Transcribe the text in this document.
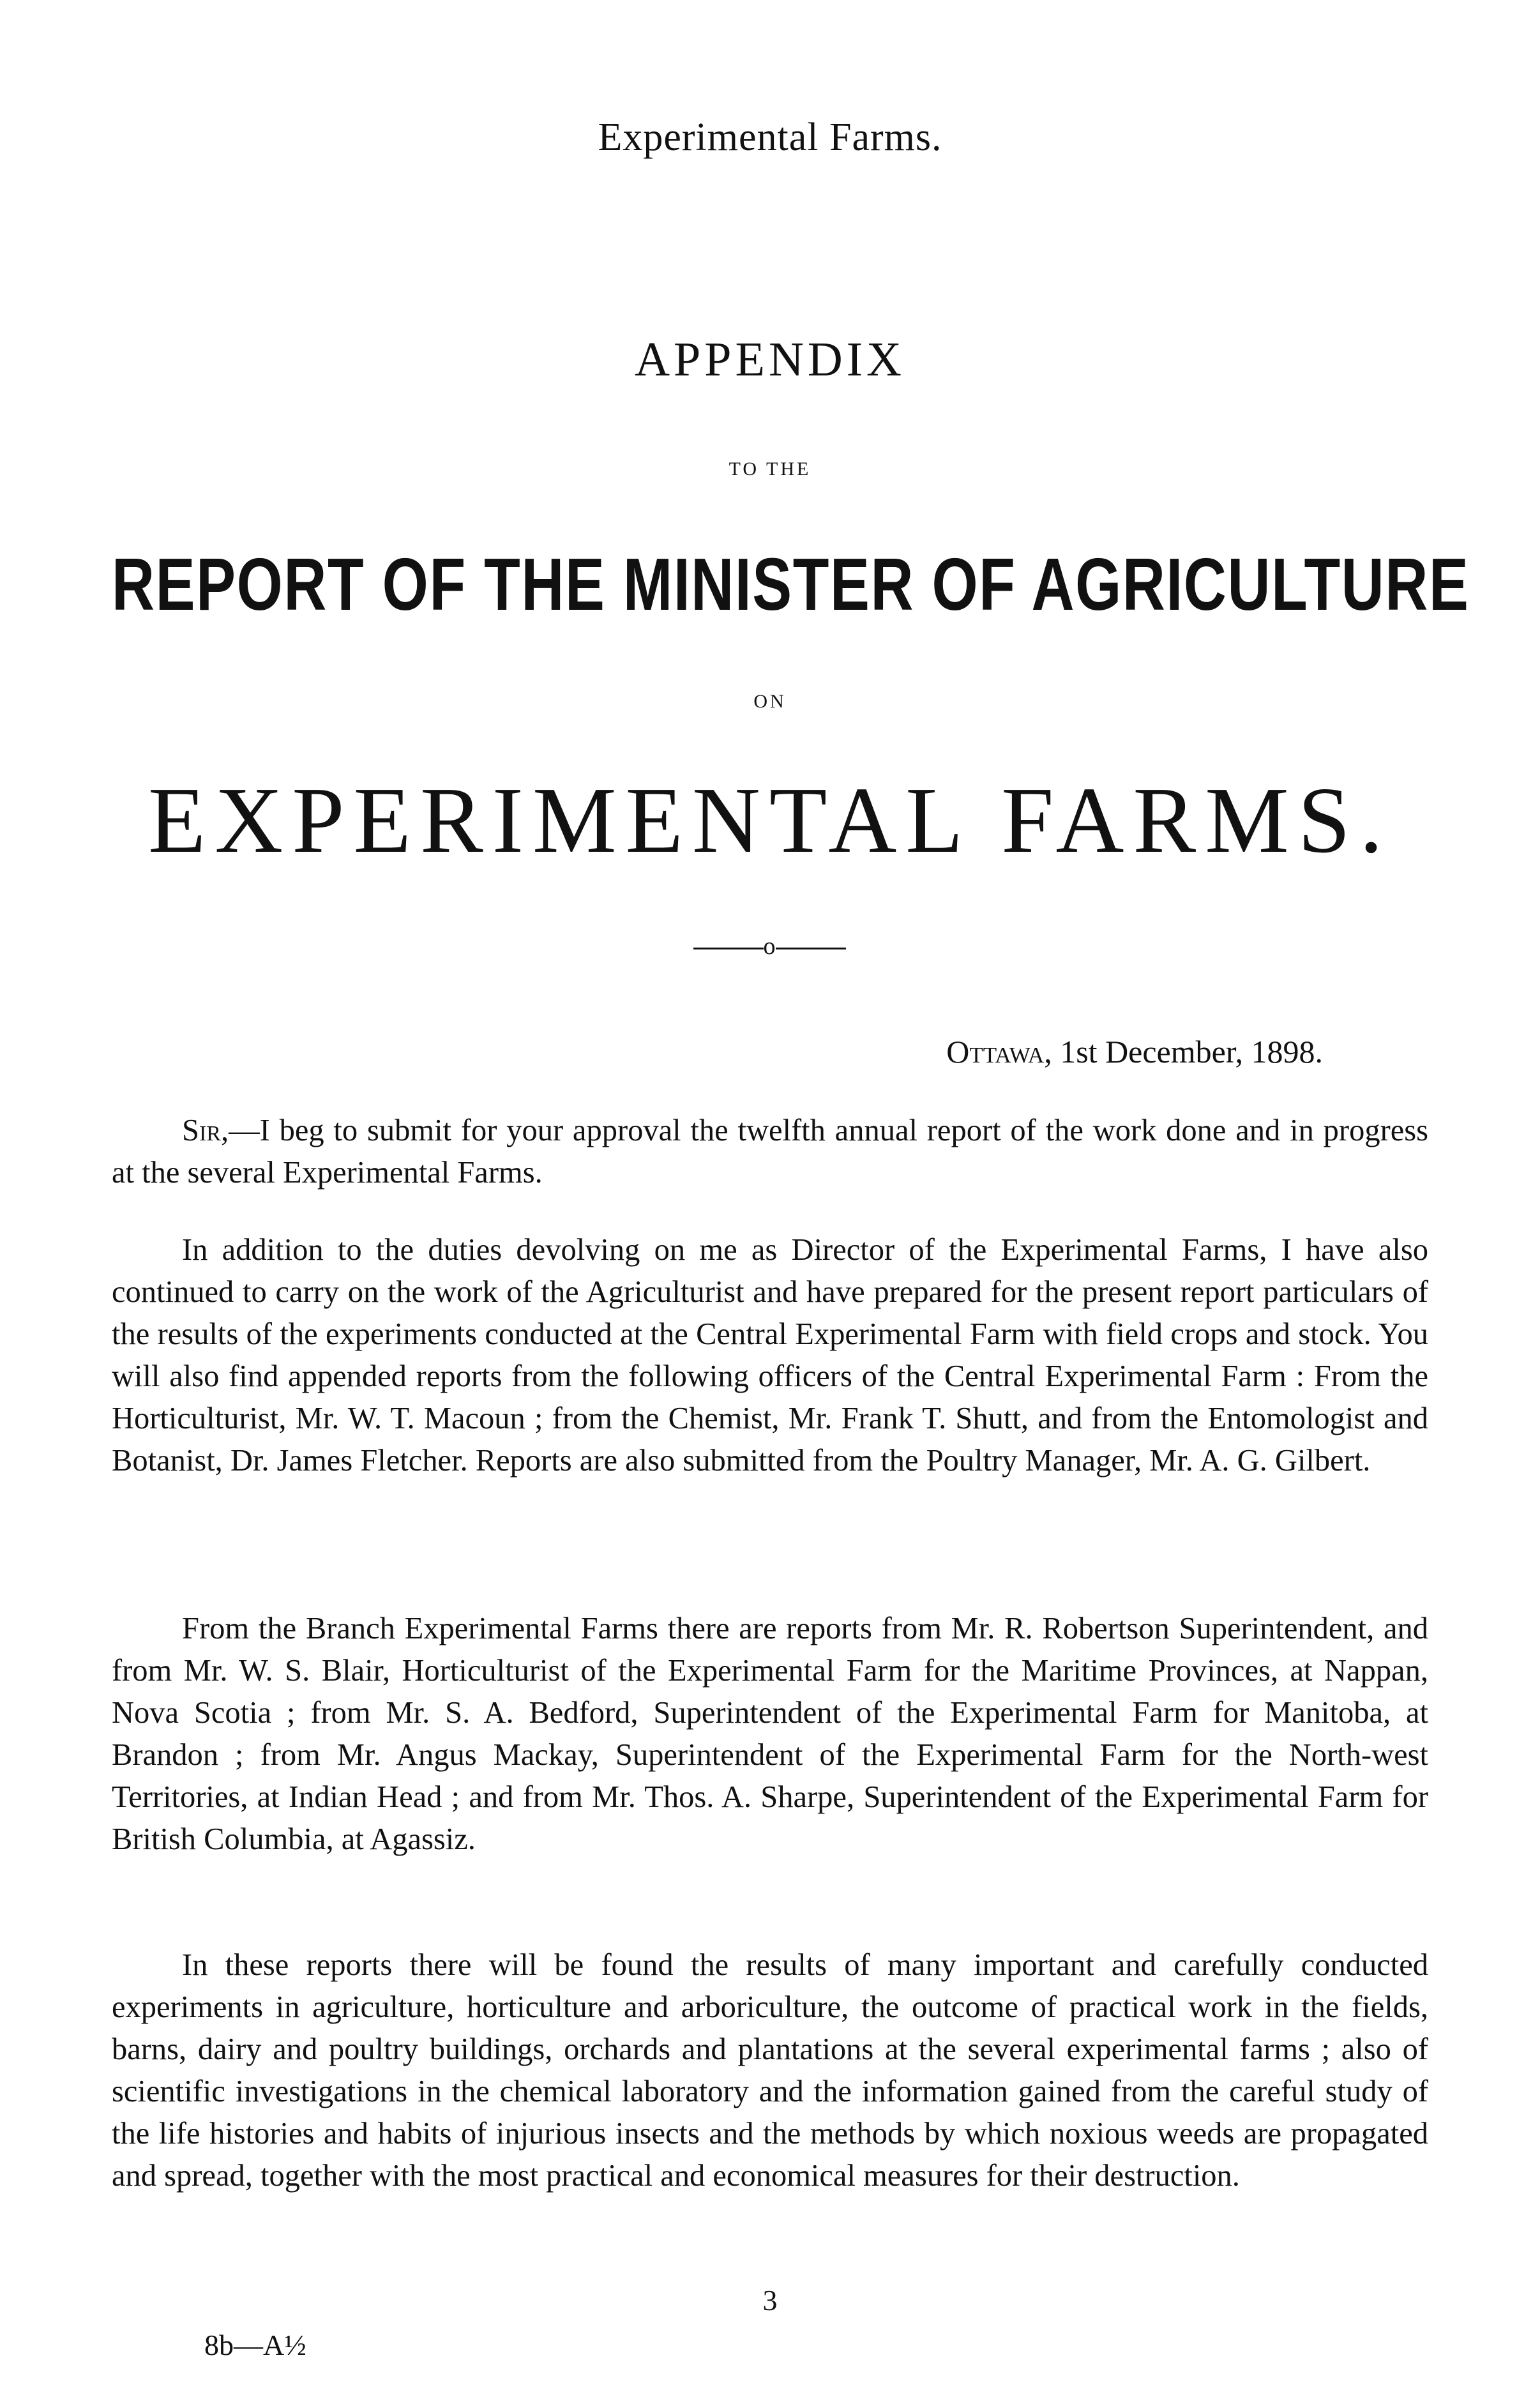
Experimental Farms.
APPENDIX
TO THE
REPORT OF THE MINISTER OF AGRICULTURE
ON
EXPERIMENTAL FARMS.
o
Ottawa, 1st December, 1898.

Sir,—I beg to submit for your approval the twelfth annual report of the work done and in progress at the several Experimental Farms.

In addition to the duties devolving on me as Director of the Experimental Farms, I have also continued to carry on the work of the Agriculturist and have prepared for the present report particulars of the results of the experiments conducted at the Central Experimental Farm with field crops and stock. You will also find appended reports from the following officers of the Central Experimental Farm : From the Horticulturist, Mr. W. T. Macoun ; from the Chemist, Mr. Frank T. Shutt, and from the Entomologist and Botanist, Dr. James Fletcher. Reports are also submitted from the Poultry Manager, Mr. A. G. Gilbert.

From the Branch Experimental Farms there are reports from Mr. R. Robertson Superintendent, and from Mr. W. S. Blair, Horticulturist of the Experimental Farm for the Maritime Provinces, at Nappan, Nova Scotia ; from Mr. S. A. Bedford, Superintendent of the Experimental Farm for Manitoba, at Brandon ; from Mr. Angus Mackay, Superintendent of the Experimental Farm for the North-west Territories, at Indian Head ; and from Mr. Thos. A. Sharpe, Superintendent of the Experimental Farm for British Columbia, at Agassiz.

In these reports there will be found the results of many important and carefully conducted experiments in agriculture, horticulture and arboriculture, the outcome of practical work in the fields, barns, dairy and poultry buildings, orchards and plantations at the several experimental farms ; also of scientific investigations in the chemical laboratory and the information gained from the careful study of the life histories and habits of injurious insects and the methods by which noxious weeds are propagated and spread, together with the most practical and economical measures for their destruction.

3
8b—A½
